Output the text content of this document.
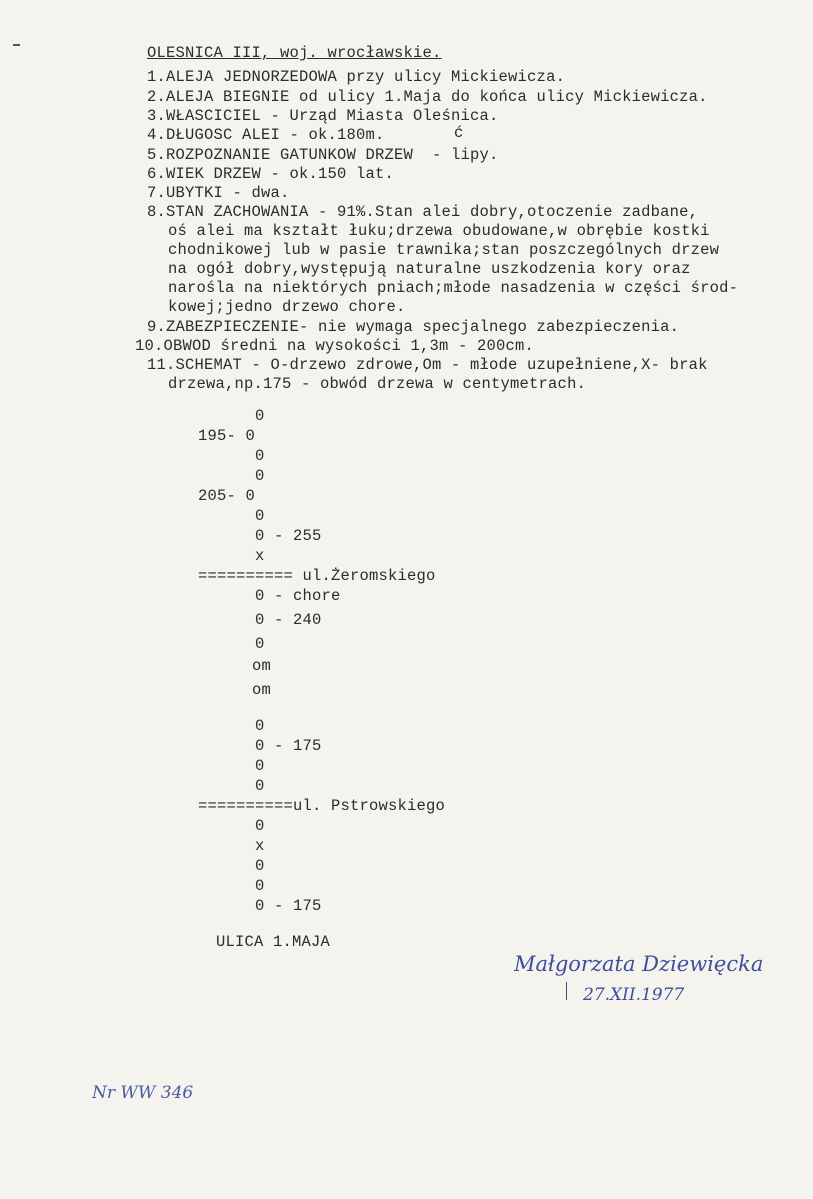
OLESNICA III, woj. wrocławskie.
1.ALEJA JEDNORZEDOWA przy ulicy Mickiewicza.
2.ALEJA BIEGNIE od ulicy 1.Maja do końca ulicy Mickiewicza.
3.WŁASCICIEL - Urząd Miasta Oleśnica.
4.DŁUGOSC ALEI - ok.180m.	ć
5.ROZPOZNANIE GATUNKOW DRZEW  - lipy.
6.WIEK DRZEW - ok.150 lat.
7.UBYTKI - dwa.
8.STAN ZACHOWANIA - 91%.Stan alei dobry,otoczenie zadbane,
oś alei ma kształt łuku;drzewa obudowane,w obrębie kostki
chodnikowej lub w pasie trawnika;stan poszczególnych drzew
na ogół dobry,występują naturalne uszkodzenia kory oraz
narośla na niektórych pniach;młode nasadzenia w części środ-
kowej;jedno drzewo chore.
9.ZABEZPIECZENIE- nie wymaga specjalnego zabezpieczenia.
10.OBWOD średni na wysokości 1,3m - 200cm.
11.SCHEMAT - O-drzewo zdrowe,Om - młode uzupełniene,X- brak
drzewa,np.175 - obwód drzewa w centymetrach.
0
195- 0
0
0
205- 0
0
0 - 255
x
========== ul.Żeromskiego
0 - chore
0 - 240
0
om
om
0
0 - 175
0
0
==========ul. Pstrowskiego
0
x
0
0
0 - 175
ULICA 1.MAJA
Małgorzata Dziewięcka
27.XII.1977
Nr WW 346
